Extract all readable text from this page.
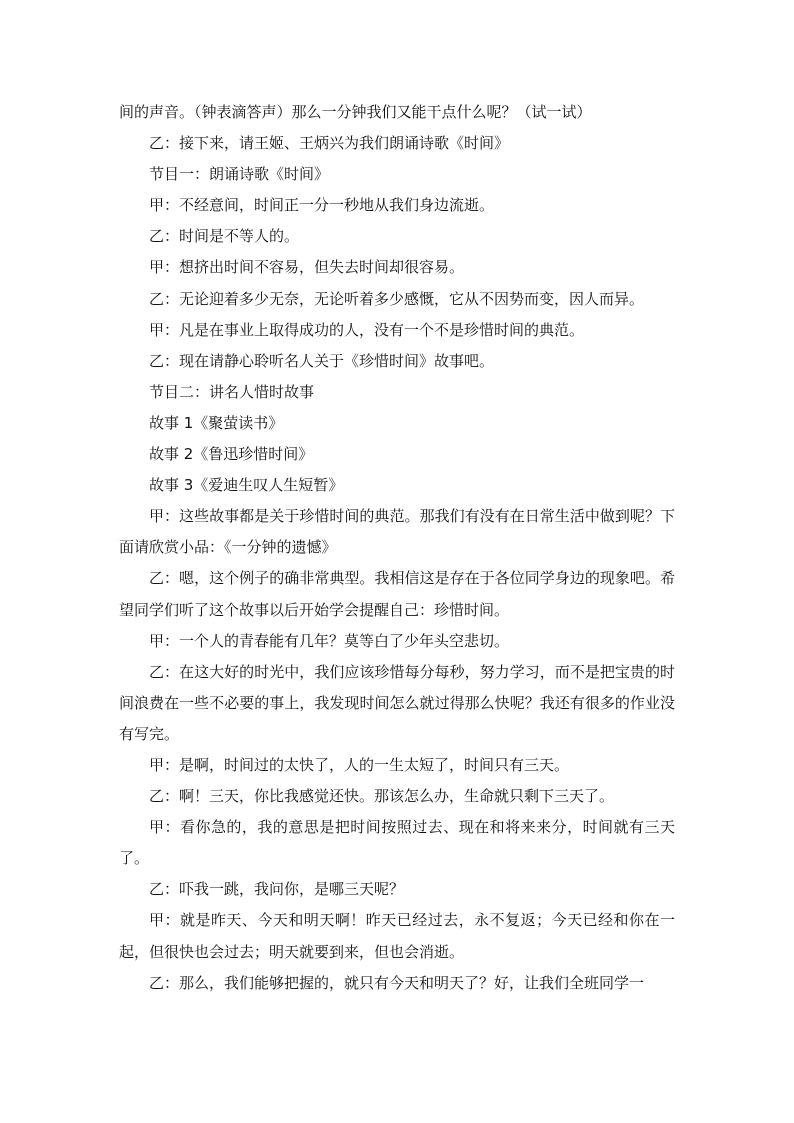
间的声音。（钟表滴答声）那么一分钟我们又能干点什么呢？（试一试）

乙：接下来，请王姬、王炳兴为我们朗诵诗歌《时间》

节目一：朗诵诗歌《时间》

甲：不经意间，时间正一分一秒地从我们身边流逝。

乙：时间是不等人的。

甲：想挤出时间不容易，但失去时间却很容易。

乙：无论迎着多少无奈，无论听着多少感慨，它从不因势而变，因人而异。

甲：凡是在事业上取得成功的人，没有一个不是珍惜时间的典范。

乙：现在请静心聆听名人关于《珍惜时间》故事吧。

节目二：讲名人惜时故事

故事 1《聚萤读书》

故事 2《鲁迅珍惜时间》

故事 3《爱迪生叹人生短暂》

甲：这些故事都是关于珍惜时间的典范。那我们有没有在日常生活中做到呢？下面请欣赏小品：《一分钟的遗憾》

乙：嗯，这个例子的确非常典型。我相信这是存在于各位同学身边的现象吧。希望同学们听了这个故事以后开始学会提醒自己：珍惜时间。

甲：一个人的青春能有几年？莫等白了少年头空悲切。

乙：在这大好的时光中，我们应该珍惜每分每秒，努力学习，而不是把宝贵的时间浪费在一些不必要的事上，我发现时间怎么就过得那么快呢？我还有很多的作业没有写完。

甲：是啊，时间过的太快了，人的一生太短了，时间只有三天。

乙：啊！三天，你比我感觉还快。那该怎么办，生命就只剩下三天了。

甲：看你急的，我的意思是把时间按照过去、现在和将来来分，时间就有三天了。

乙：吓我一跳，我问你，是哪三天呢？

甲：就是昨天、今天和明天啊！昨天已经过去，永不复返；今天已经和你在一起，但很快也会过去；明天就要到来，但也会消逝。

乙：那么，我们能够把握的，就只有今天和明天了？好，让我们全班同学一
